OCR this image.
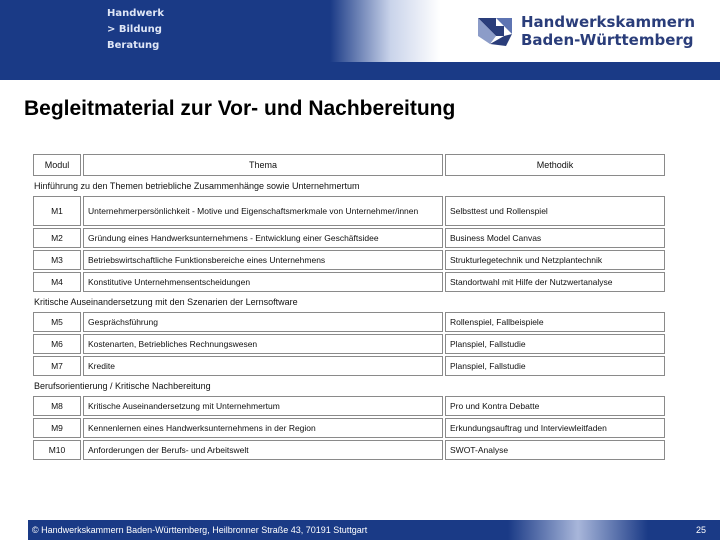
Handwerk
> Bildung
Beratung
Handwerkskammern
Baden-Württemberg
Begleitmaterial zur Vor- und Nachbereitung
Modul	Thema	Methodik
Hinführung zu den Themen betriebliche Zusammenhänge sowie Unternehmertum		
M1	Unternehmerpersönlichkeit - Motive und Eigenschaftsmerkmale von Unternehmer/innen	Selbsttest und Rollenspiel
M2	Gründung eines Handwerksunternehmens - Entwicklung einer Geschäftsidee	Business Model Canvas
M3	Betriebswirtschaftliche Funktionsbereiche eines Unternehmens	Strukturlegetechnik und Netzplantechnik
M4	Konstitutive Unternehmensentscheidungen	Standortwahl mit Hilfe der Nutzwertanalyse
Kritische Auseinandersetzung mit den Szenarien der Lernsoftware		
M5	Gesprächsführung	Rollenspiel, Fallbeispiele
M6	Kostenarten, Betriebliches Rechnungswesen	Planspiel, Fallstudie
M7	Kredite	Planspiel, Fallstudie
Berufsorientierung / Kritische Nachbereitung		
M8	Kritische Auseinandersetzung mit Unternehmertum	Pro und Kontra Debatte
M9	Kennenlernen eines Handwerksunternehmens in der Region	Erkundungsauftrag und Interviewleitfaden
M10	Anforderungen der Berufs- und Arbeitswelt	SWOT-Analyse
© Handwerkskammern Baden-Württemberg, Heilbronner Straße 43, 70191 Stuttgart	25
